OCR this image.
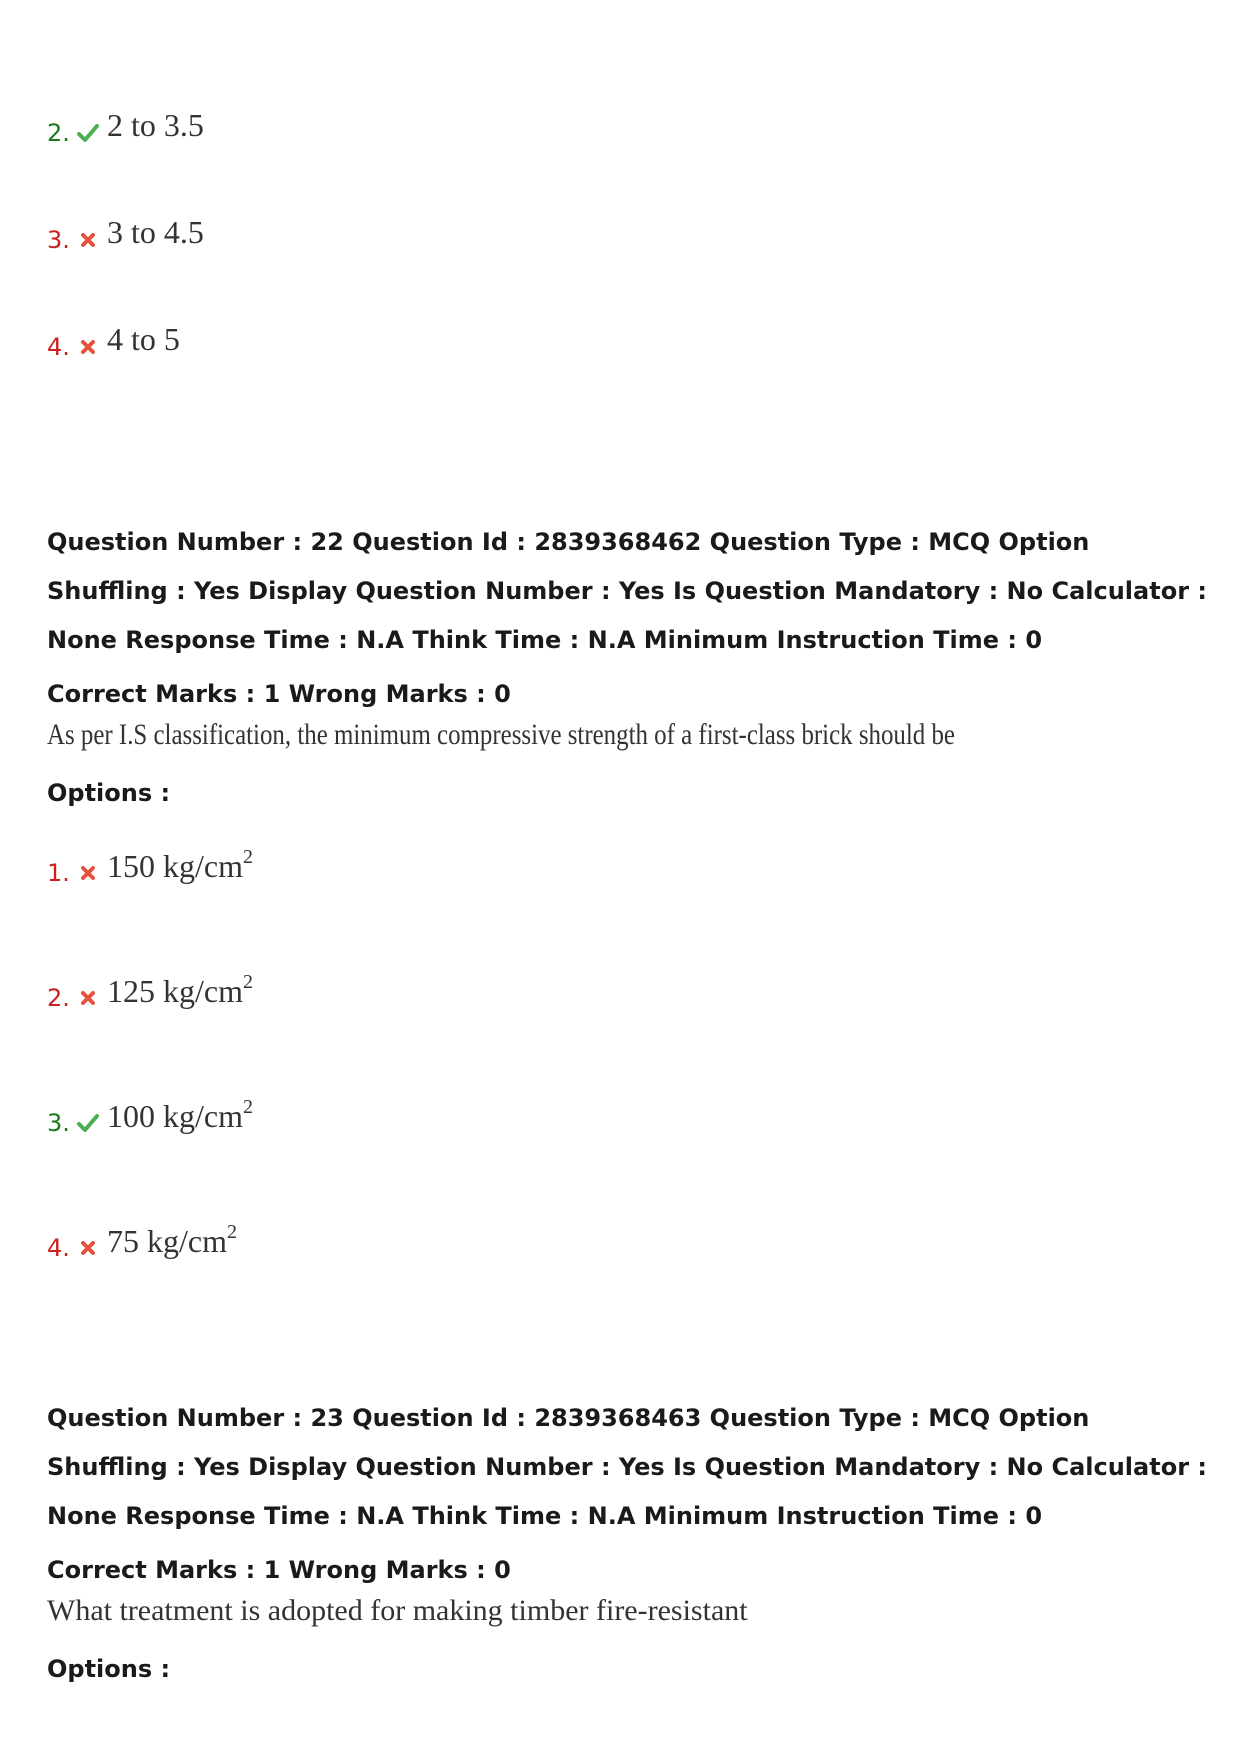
2. 2 to 3.5
3. 3 to 4.5
4. 4 to 5
Question Number : 22 Question Id : 2839368462 Question Type : MCQ Option Shuffling : Yes Display Question Number : Yes Is Question Mandatory : No Calculator : None Response Time : N.A Think Time : N.A Minimum Instruction Time : 0
Correct Marks : 1 Wrong Marks : 0
As per I.S classification, the minimum compressive strength of a first-class brick should be
Options :
1. 150 $kg/cm^2$
2. 125 $kg/cm^2$
3. 100 $kg/cm^2$
4. 75 $kg/cm^2$
Question Number : 23 Question Id : 2839368463 Question Type : MCQ Option Shuffling : Yes Display Question Number : Yes Is Question Mandatory : No Calculator : None Response Time : N.A Think Time : N.A Minimum Instruction Time : 0
Correct Marks : 1 Wrong Marks : 0
What treatment is adopted for making timber fire-resistant
Options :
